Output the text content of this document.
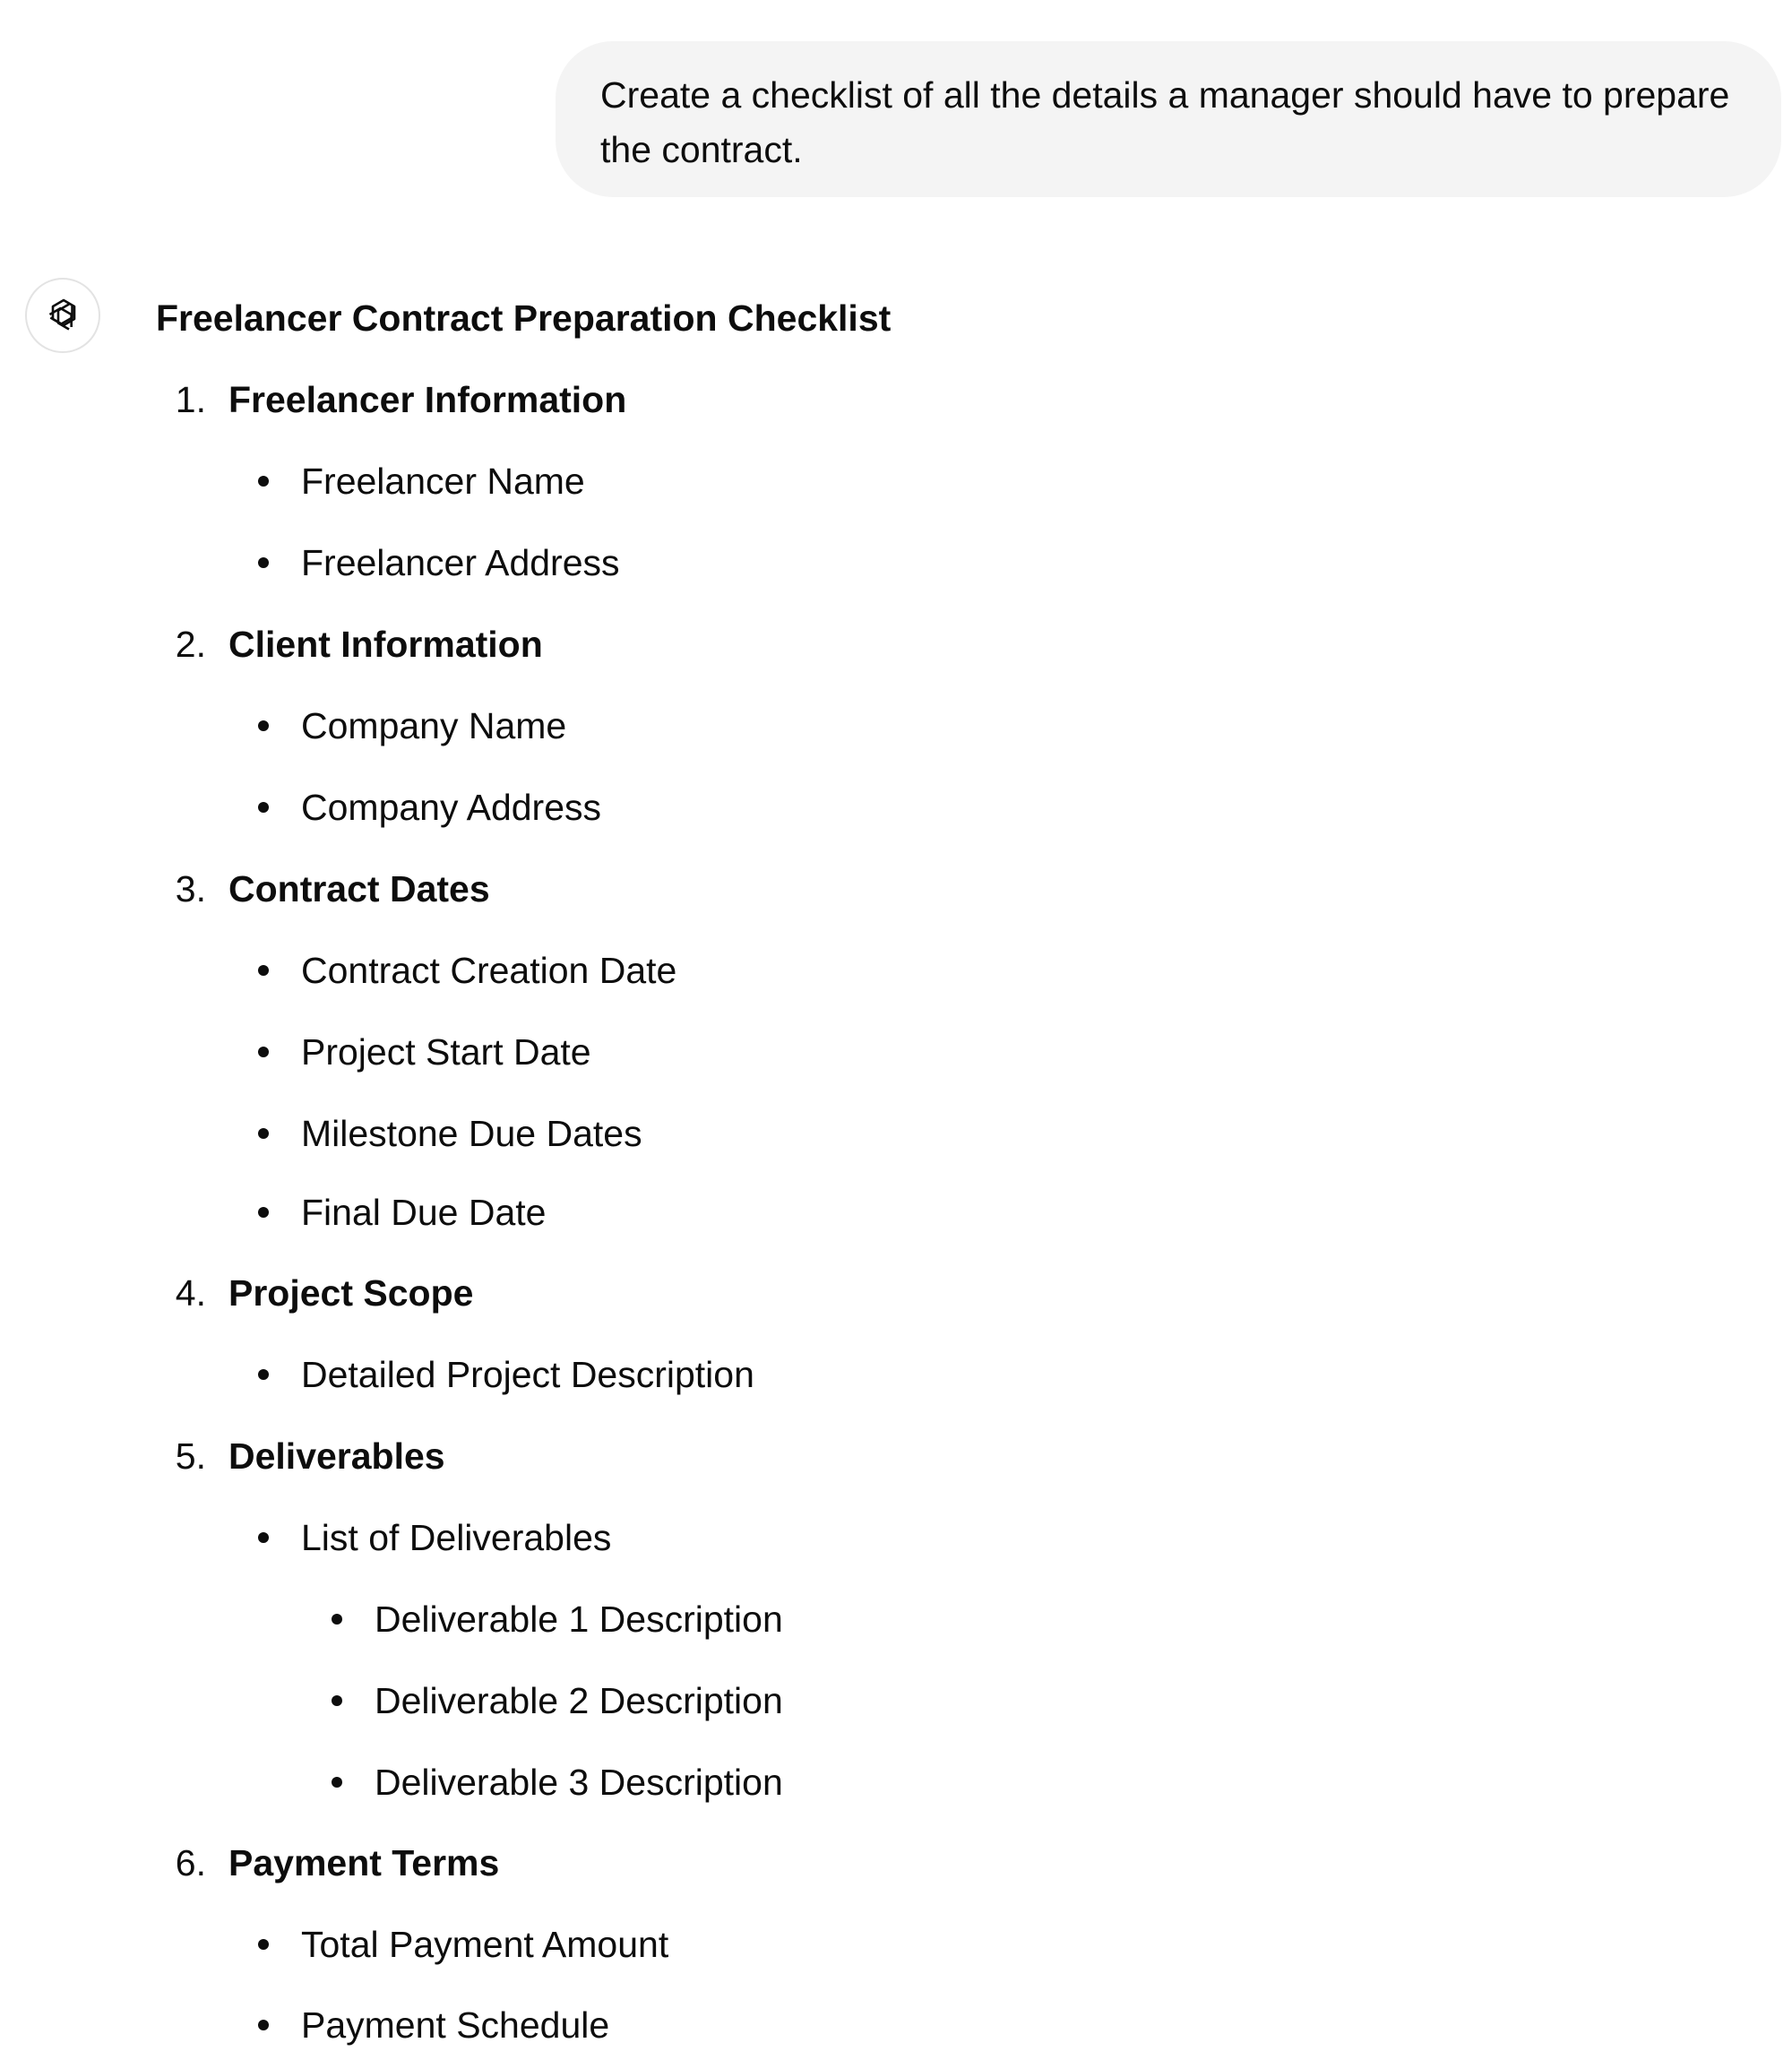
Create a checklist of all the details a manager should have to prepare the contract.
Freelancer Contract Preparation Checklist
1. Freelancer Information
Freelancer Name
Freelancer Address
2. Client Information
Company Name
Company Address
3. Contract Dates
Contract Creation Date
Project Start Date
Milestone Due Dates
Final Due Date
4. Project Scope
Detailed Project Description
5. Deliverables
List of Deliverables
Deliverable 1 Description
Deliverable 2 Description
Deliverable 3 Description
6. Payment Terms
Total Payment Amount
Payment Schedule
